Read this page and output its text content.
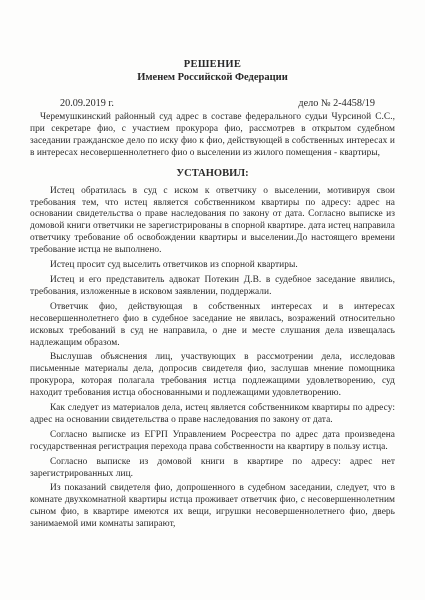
РЕШЕНИЕ
Именем Российской Федерации
20.09.2019 г.	дело № 2-4458/19

Черемушкинский районный суд адрес в составе федерального судьи Чурсиной С.С., при секретаре фио, с участием прокурора фио, рассмотрев в открытом судебном заседании гражданское дело по иску фио к фио, действующей в собственных интересах и в интересах несовершеннолетнего фио о выселении из жилого помещения - квартиры,

УСТАНОВИЛ:

Истец обратилась в суд с иском к ответчику о выселении, мотивируя свои требования тем, что истец является собственником квартиры по адресу: адрес на основании свидетельства о праве наследования по закону от дата. Согласно выписке из домовой книги ответчики не зарегистрированы в спорной квартире. дата истец направила ответчику требование об освобождении квартиры и выселении.До настоящего времени требование истца не выполнено.

Истец просит суд выселить ответчиков из спорной квартиры.

Истец и его представитель адвокат Потекин Д.В. в судебное заседание явились, требования, изложенные в исковом заявлении, поддержали.

Ответчик фио, действующая в собственных интересах и в интересах несовершеннолетнего фио в судебное заседание не явилась, возражений относительно исковых требований в суд не направила, о дне и месте слушания дела извещалась надлежащим образом.

Выслушав объяснения лиц, участвующих в рассмотрении дела, исследовав письменные материалы дела, допросив свидетеля фио, заслушав мнение помощника прокурора, которая полагала требования истца подлежащими удовлетворению, суд находит требования истца обоснованными и подлежащими удовлетворению.

Как следует из материалов дела, истец является собственником квартиры по адресу: адрес на основании свидетельства о праве наследования по закону от дата.

Согласно выписке из ЕГРП Управлением Росреестра по адрес дата произведена государственная регистрация перехода права собственности на квартиру в пользу истца.

Согласно выписке из домовой книги в квартире по адресу: адрес нет зарегистрированных лиц.

Из показаний свидетеля фио, допрошенного в судебном заседании, следует, что в комнате двухкомнатной квартиры истца проживает ответчик фио, с несовершеннолетним сыном фио, в квартире имеются их вещи, игрушки несовершеннолетнего фио, дверь занимаемой ими комнаты запирают,
